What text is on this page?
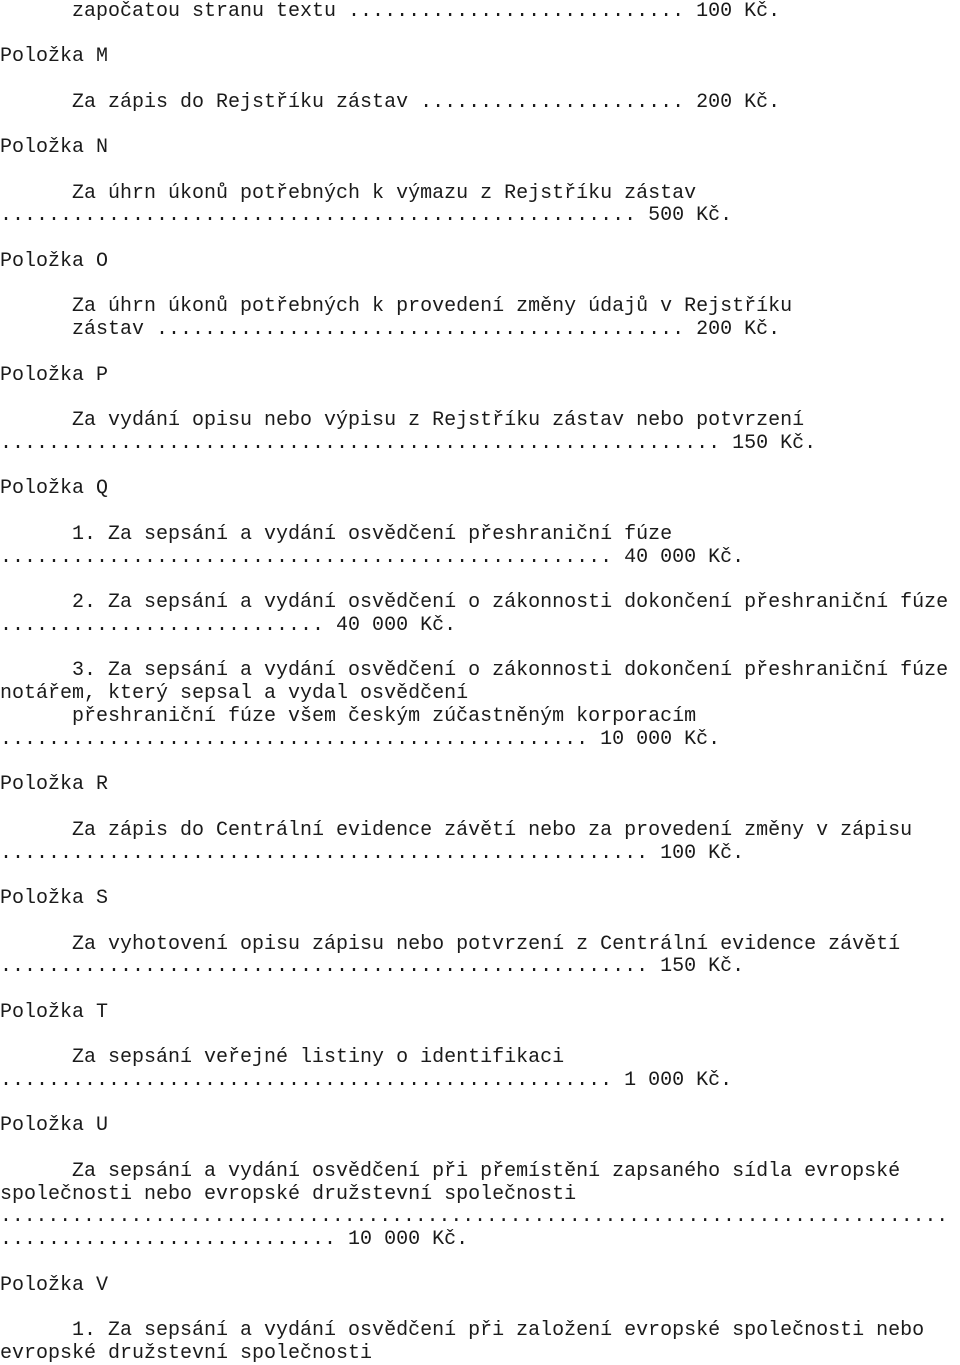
započatou stranu textu ............................ 100 Kč.

Položka M

Za zápis do Rejstříku zástav ...................... 200 Kč.

Položka N

Za úhrn úkonů potřebných k výmazu z Rejstříku zástav

..................................................... 500 Kč.

Položka O

Za úhrn úkonů potřebných k provedení změny údajů v Rejstříku

zástav ............................................ 200 Kč.

Položka P

Za vydání opisu nebo výpisu z Rejstříku zástav nebo potvrzení

............................................................ 150 Kč.

Položka Q

1. Za sepsání a vydání osvědčení přeshraniční fúze

................................................... 40 000 Kč.

2. Za sepsání a vydání osvědčení o zákonnosti dokončení přeshraniční fúze

........................... 40 000 Kč.

3. Za sepsání a vydání osvědčení o zákonnosti dokončení přeshraniční fúze

notářem, který sepsal a vydal osvědčení

přeshraniční fúze všem českým zúčastněným korporacím

................................................. 10 000 Kč.

Položka R

Za zápis do Centrální evidence závětí nebo za provedení změny v zápisu

...................................................... 100 Kč.

Položka S

Za vyhotovení opisu zápisu nebo potvrzení z Centrální evidence závětí

...................................................... 150 Kč.

Položka T

Za sepsání veřejné listiny o identifikaci

................................................... 1 000 Kč.

Položka U

Za sepsání a vydání osvědčení při přemístění zapsaného sídla evropské

společnosti nebo evropské družstevní společnosti

................................................................................

............................ 10 000 Kč.

Položka V

1. Za sepsání a vydání osvědčení při založení evropské společnosti nebo

evropské družstevní společnosti
